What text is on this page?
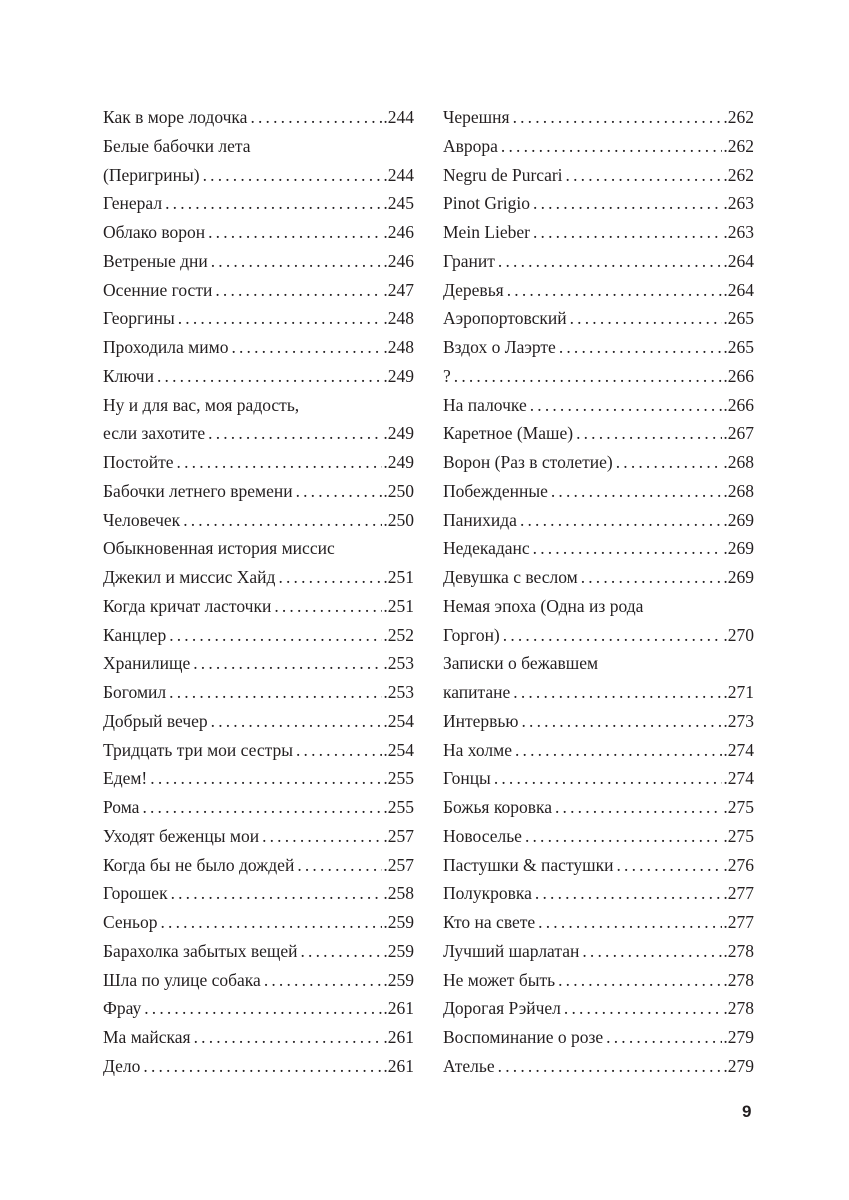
Как в море лодочка . . .	. 244
Белые бабочки лета
(Перигрины) . . .	. 244
Генерал . . .	. 245
Облако ворон . . .	. 246
Ветреные дни . . .	. 246
Осенние гости . . .	. 247
Георгины . . .	. 248
Проходила мимо . . .	. 248
Ключи . . .	. 249
Ну и для вас, моя радость,
если захотите . . .	. 249
Постойте . . .	. 249
Бабочки летнего времени . . .	. 250
Человечек . . .	. 250
Обыкновенная история миссис
Джекил и миссис Хайд . . .	. 251
Когда кричат ласточки . . .	. 251
Канцлер . . .	. 252
Хранилище . . .	. 253
Богомил . . .	. 253
Добрый вечер . . .	. 254
Тридцать три мои сестры . . .	. 254
Едем! . . .	. 255
Рома . . .	. 255
Уходят беженцы мои . . .	. 257
Когда бы не было дождей . . .	. 257
Горошек . . .	. 258
Сеньор . . .	. 259
Барахолка забытых вещей . . .	. 259
Шла по улице собака . . .	. 259
Фрау . . .	. 261
Ма майская . . .	. 261
Дело . . .	. 261
Черешня . . .	. 262
Аврора . . .	. 262
Negru de Purcari . . .	. 262
Pinot Grigio . . .	. 263
Mein Lieber . . .	. 263
Гранит . . .	. 264
Деревья . . .	. 264
Аэропортовский . . .	. 265
Вздох о Лаэрте . . .	. 265
? . . .	. 266
На палочке . . .	. 266
Каретное (Маше) . . .	. 267
Ворон (Раз в столетие) . . .	. 268
Побежденные . . .	. 268
Панихида . . .	. 269
Недекаданс . . .	. 269
Девушка с веслом . . .	. 269
Немая эпоха (Одна из рода
Горгон) . . .	. 270
Записки о бежавшем
капитане . . .	. 271
Интервью . . .	. 273
На холме . . .	. 274
Гонцы . . .	. 274
Божья коровка . . .	. 275
Новоселье . . .	. 275
Пастушки & пастушки . . .	. 276
Полукровка . . .	. 277
Кто на свете . . .	. 277
Лучший шарлатан . . .	. 278
Не может быть . . .	. 278
Дорогая Рэйчел . . .	. 278
Воспоминание о розе . . .	. 279
Ателье . . .	. 279
9
